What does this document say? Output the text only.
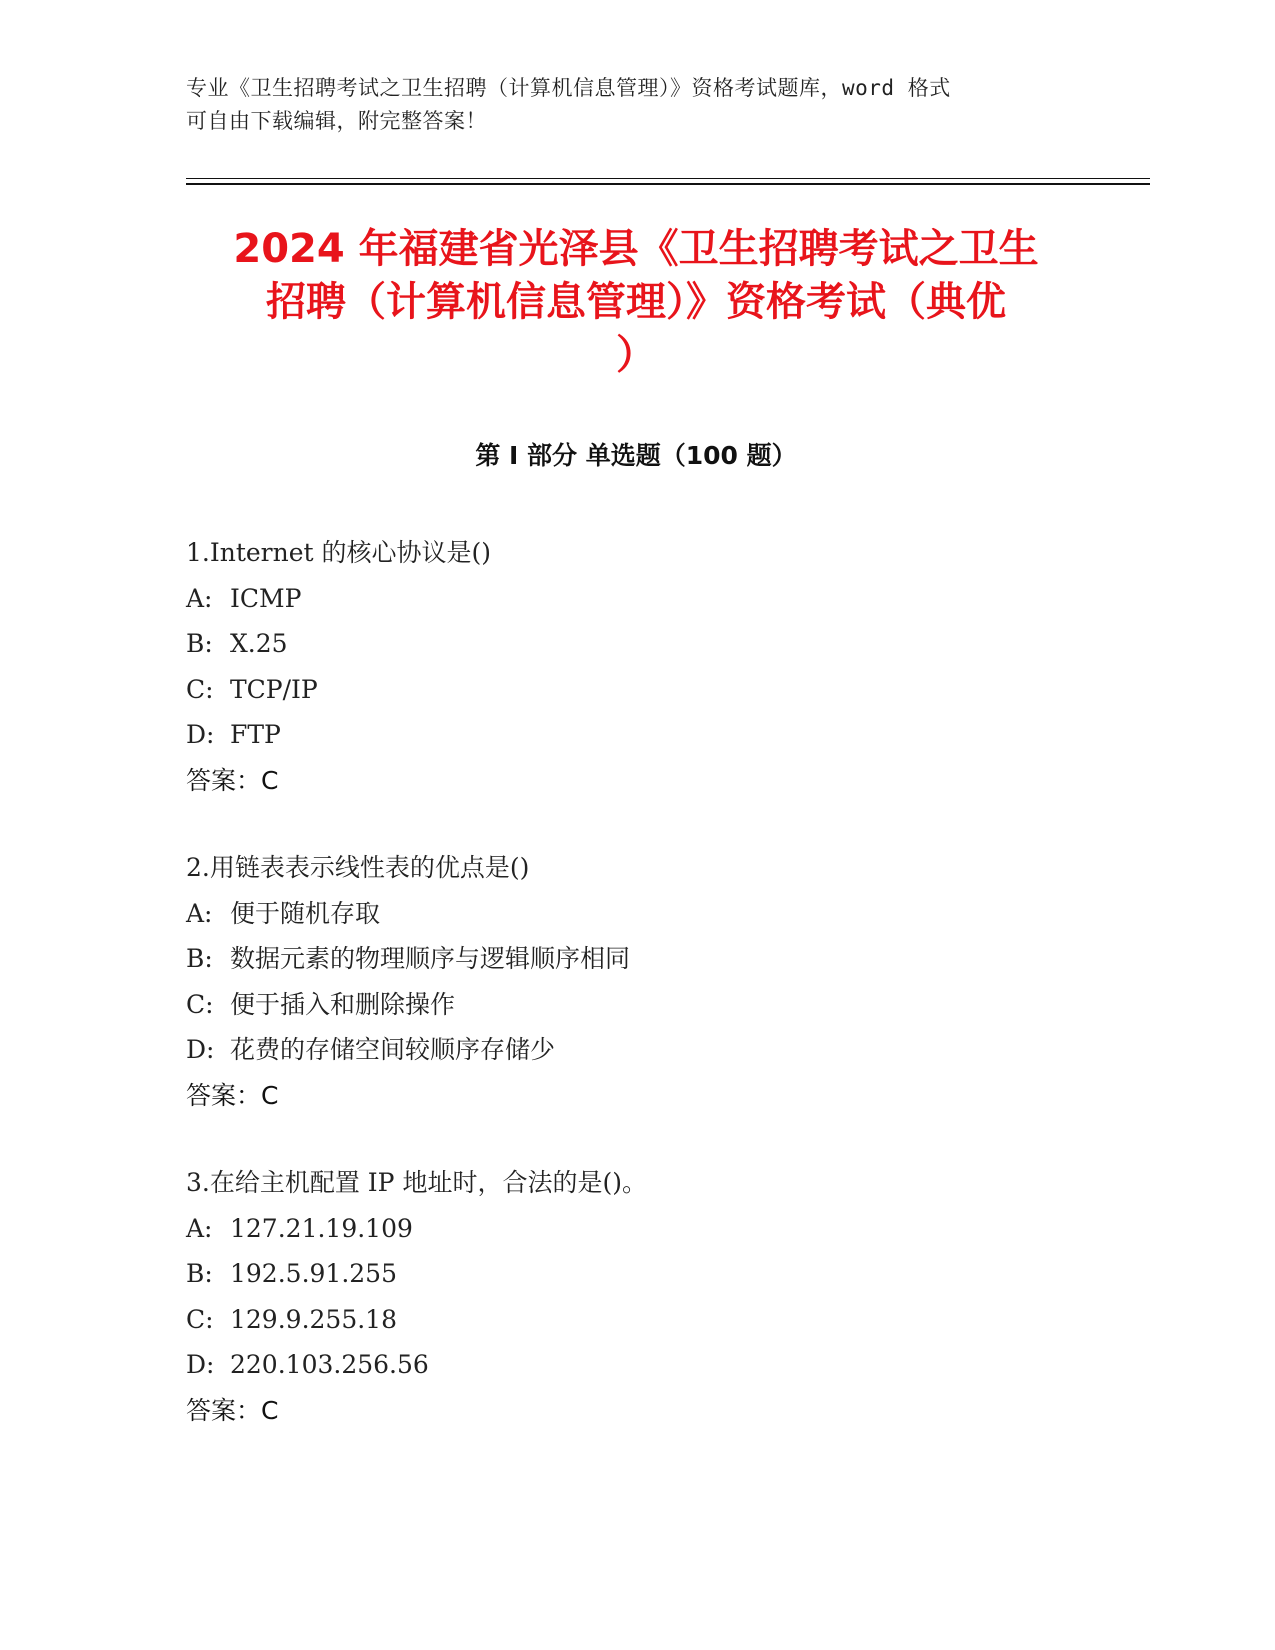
专业《卫生招聘考试之卫生招聘（计算机信息管理）》资格考试题库，word 格式
可自由下载编辑，附完整答案！
2024 年福建省光泽县《卫生招聘考试之卫生
招聘（计算机信息管理）》资格考试（典优
）
第 I 部分 单选题（100 题）
1.Internet 的核心协议是()
A: ICMP
B: X.25
C: TCP/IP
D: FTP
答案：C
2.用链表表示线性表的优点是()
A: 便于随机存取
B: 数据元素的物理顺序与逻辑顺序相同
C: 便于插入和删除操作
D: 花费的存储空间较顺序存储少
答案：C
3.在给主机配置 IP 地址时，合法的是()。
A: 127.21.19.109
B: 192.5.91.255
C: 129.9.255.18
D: 220.103.256.56
答案：C
